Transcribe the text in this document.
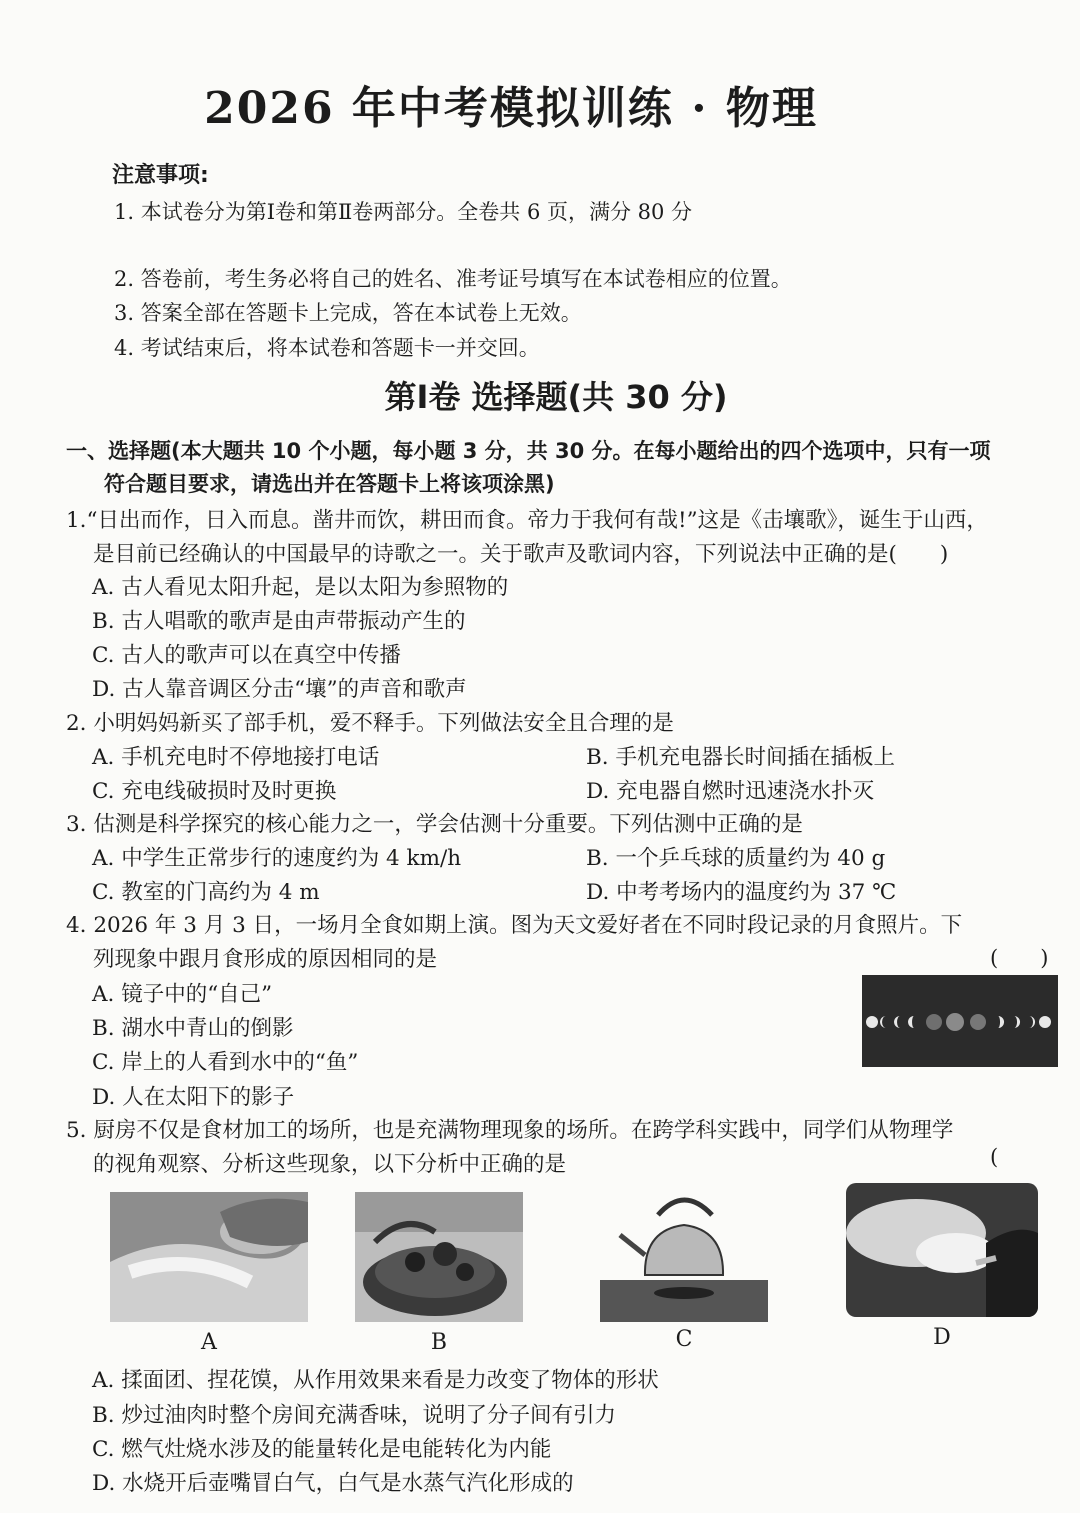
2026 年中考模拟训练 · 物理
注意事项:
1. 本试卷分为第Ⅰ卷和第Ⅱ卷两部分。全卷共 6 页，满分 80 分
2. 答卷前，考生务必将自己的姓名、准考证号填写在本试卷相应的位置。
3. 答案全部在答题卡上完成，答在本试卷上无效。
4. 考试结束后，将本试卷和答题卡一并交回。
第Ⅰ卷 选择题(共 30 分)
一、选择题(本大题共 10 个小题，每小题 3 分，共 30 分。在每小题给出的四个选项中，只有一项
符合题目要求，请选出并在答题卡上将该项涂黑)
1.“日出而作，日入而息。凿井而饮，耕田而食。帝力于我何有哉!”这是《击壤歌》，诞生于山西，
是目前已经确认的中国最早的诗歌之一。关于歌声及歌词内容，下列说法中正确的是(　　)
A. 古人看见太阳升起，是以太阳为参照物的
B. 古人唱歌的歌声是由声带振动产生的
C. 古人的歌声可以在真空中传播
D. 古人靠音调区分击“壤”的声音和歌声
2. 小明妈妈新买了部手机，爱不释手。下列做法安全且合理的是
A. 手机充电时不停地接打电话	B. 手机充电器长时间插在插板上
C. 充电线破损时及时更换	D. 充电器自燃时迅速浇水扑灭
3. 估测是科学探究的核心能力之一，学会估测十分重要。下列估测中正确的是
A. 中学生正常步行的速度约为 4 km/h	B. 一个乒乓球的质量约为 40 g
C. 教室的门高约为 4 m	D. 中考考场内的温度约为 37 ℃
4. 2026 年 3 月 3 日，一场月全食如期上演。图为天文爱好者在不同时段记录的月食照片。下
列现象中跟月食形成的原因相同的是	(　　)
A. 镜子中的“自己”
B. 湖水中青山的倒影
C. 岸上的人看到水中的“鱼”
D. 人在太阳下的影子
5. 厨房不仅是食材加工的场所，也是充满物理现象的场所。在跨学科实践中，同学们从物理学
的视角观察、分析这些现象，以下分析中正确的是	(
A	B	C	D
A. 揉面团、捏花馍，从作用效果来看是力改变了物体的形状
B. 炒过油肉时整个房间充满香味，说明了分子间有引力
C. 燃气灶烧水涉及的能量转化是电能转化为内能
D. 水烧开后壶嘴冒白气，白气是水蒸气汽化形成的
